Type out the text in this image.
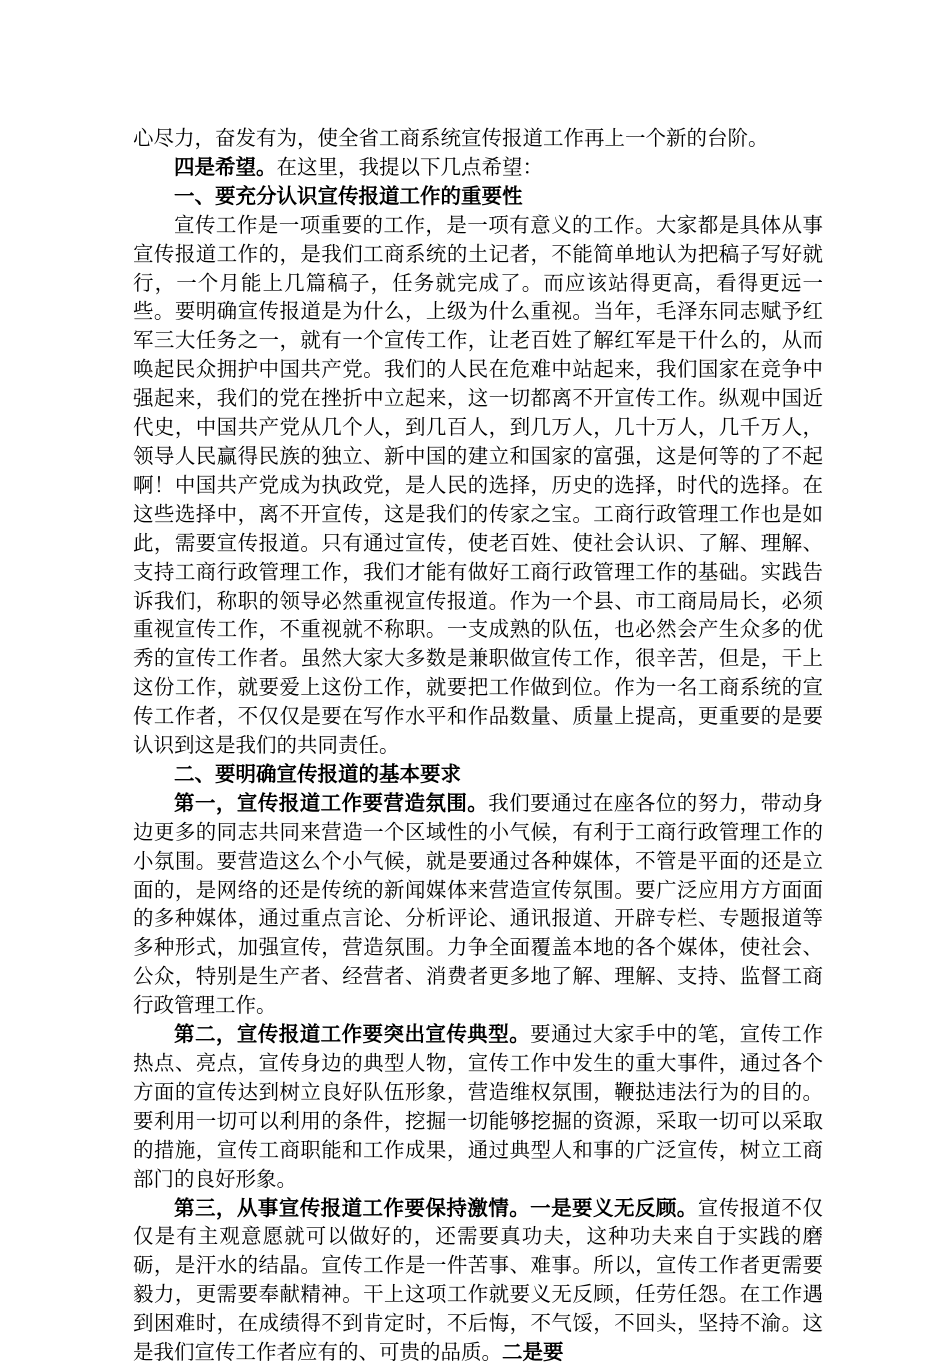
心尽力，奋发有为，使全省工商系统宣传报道工作再上一个新的台阶。

四是希望。在这里，我提以下几点希望：

一、要充分认识宣传报道工作的重要性

宣传工作是一项重要的工作，是一项有意义的工作。大家都是具体从事宣传报道工作的，是我们工商系统的土记者，不能简单地认为把稿子写好就行，一个月能上几篇稿子，任务就完成了。而应该站得更高，看得更远一些。要明确宣传报道是为什么，上级为什么重视。当年，毛泽东同志赋予红军三大任务之一，就有一个宣传工作，让老百姓了解红军是干什么的，从而唤起民众拥护中国共产党。我们的人民在危难中站起来，我们国家在竞争中强起来，我们的党在挫折中立起来，这一切都离不开宣传工作。纵观中国近代史，中国共产党从几个人，到几百人，到几万人，几十万人，几千万人，领导人民赢得民族的独立、新中国的建立和国家的富强，这是何等的了不起啊！中国共产党成为执政党，是人民的选择，历史的选择，时代的选择。在这些选择中，离不开宣传，这是我们的传家之宝。工商行政管理工作也是如此，需要宣传报道。只有通过宣传，使老百姓、使社会认识、了解、理解、支持工商行政管理工作，我们才能有做好工商行政管理工作的基础。实践告诉我们，称职的领导必然重视宣传报道。作为一个县、市工商局局长，必须重视宣传工作，不重视就不称职。一支成熟的队伍，也必然会产生众多的优秀的宣传工作者。虽然大家大多数是兼职做宣传工作，很辛苦，但是，干上这份工作，就要爱上这份工作，就要把工作做到位。作为一名工商系统的宣传工作者，不仅仅是要在写作水平和作品数量、质量上提高，更重要的是要认识到这是我们的共同责任。

二、要明确宣传报道的基本要求

第一，宣传报道工作要营造氛围。我们要通过在座各位的努力，带动身边更多的同志共同来营造一个区域性的小气候，有利于工商行政管理工作的小氛围。要营造这么个小气候，就是要通过各种媒体，不管是平面的还是立面的，是网络的还是传统的新闻媒体来营造宣传氛围。要广泛应用方方面面的多种媒体，通过重点言论、分析评论、通讯报道、开辟专栏、专题报道等多种形式，加强宣传，营造氛围。力争全面覆盖本地的各个媒体，使社会、公众，特别是生产者、经营者、消费者更多地了解、理解、支持、监督工商行政管理工作。

第二，宣传报道工作要突出宣传典型。要通过大家手中的笔，宣传工作热点、亮点，宣传身边的典型人物，宣传工作中发生的重大事件，通过各个方面的宣传达到树立良好队伍形象，营造维权氛围，鞭挞违法行为的目的。要利用一切可以利用的条件，挖掘一切能够挖掘的资源，采取一切可以采取的措施，宣传工商职能和工作成果，通过典型人和事的广泛宣传，树立工商部门的良好形象。

第三，从事宣传报道工作要保持激情。一是要义无反顾。宣传报道不仅仅是有主观意愿就可以做好的，还需要真功夫，这种功夫来自于实践的磨砺，是汗水的结晶。宣传工作是一件苦事、难事。所以，宣传工作者更需要毅力，更需要奉献精神。干上这项工作就要义无反顾，任劳任怨。在工作遇到困难时，在成绩得不到肯定时，不后悔，不气馁，不回头，坚持不渝。这是我们宣传工作者应有的、可贵的品质。二是要
